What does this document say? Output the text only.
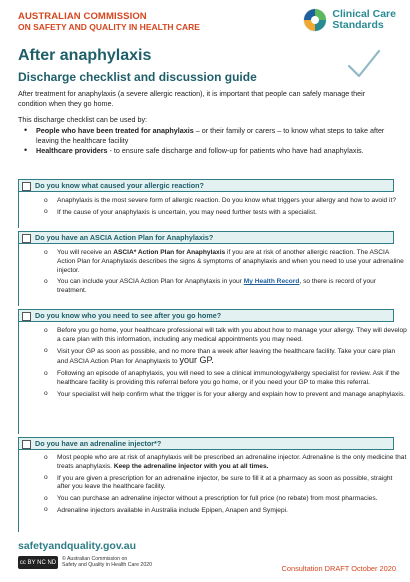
AUSTRALIAN COMMISSION
ON SAFETY AND QUALITY IN HEALTH CARE
Clinical Care
Standards
After anaphylaxis
Discharge checklist and discussion guide
After treatment for anaphylaxis (a severe allergic reaction), it is important that people can safely manage their condition when they go home.
This discharge checklist can be used by:
• People who have been treated for anaphylaxis – or their family or carers – to know what steps to take after leaving the healthcare facility
• Healthcare providers - to ensure safe discharge and follow-up for patients who have had anaphylaxis.
Do you know what caused your allergic reaction?
o Anaphylaxis is the most severe form of allergic reaction. Do you know what triggers your allergy and how to avoid it?
o If the cause of your anaphylaxis is uncertain, you may need further tests with a specialist.
Do you have an ASCIA Action Plan for Anaphylaxis?
o You will receive an ASCIA* Action Plan for Anaphylaxis if you are at risk of another allergic reaction. The ASCIA Action Plan for Anaphylaxis describes the signs & symptoms of anaphylaxis and when you need to use your adrenaline injector.
o You can include your ASCIA Action Plan for Anaphylaxis in your My Health Record, so there is record of your treatment.
Do you know who you need to see after you go home?
o Before you go home, your healthcare professional will talk with you about how to manage your allergy. They will develop a care plan with this information, including any medical appointments you may need.
o Visit your GP as soon as possible, and no more than a week after leaving the healthcare facility. Take your care plan and ASCIA Action Plan for Anaphylaxis to your GP.
o Following an episode of anaphylaxis, you will need to see a clinical immunology/allergy specialist for review. Ask if the healthcare facility is providing this referral before you go home, or if you need your GP to make this referral.
o Your specialist will help confirm what the trigger is for your allergy and explain how to prevent and manage anaphylaxis.
Do you have an adrenaline injector*?
o Most people who are at risk of anaphylaxis will be prescribed an adrenaline injector. Adrenaline is the only medicine that treats anaphylaxis. Keep the adrenaline injector with you at all times.
o If you are given a prescription for an adrenaline injector, be sure to fill it at a pharmacy as soon as possible, straight after you leave the healthcare facility.
o You can purchase an adrenaline injector without a prescription for full price (no rebate) from most pharmacies.
o Adrenaline injectors available in Australia include Epipen, Anapen and Symjepi.
safetyandquality.gov.au
cc BY NC ND
© Australian Commission on
Safety and Quality in Health Care 2020	Consultation DRAFT October 2020
